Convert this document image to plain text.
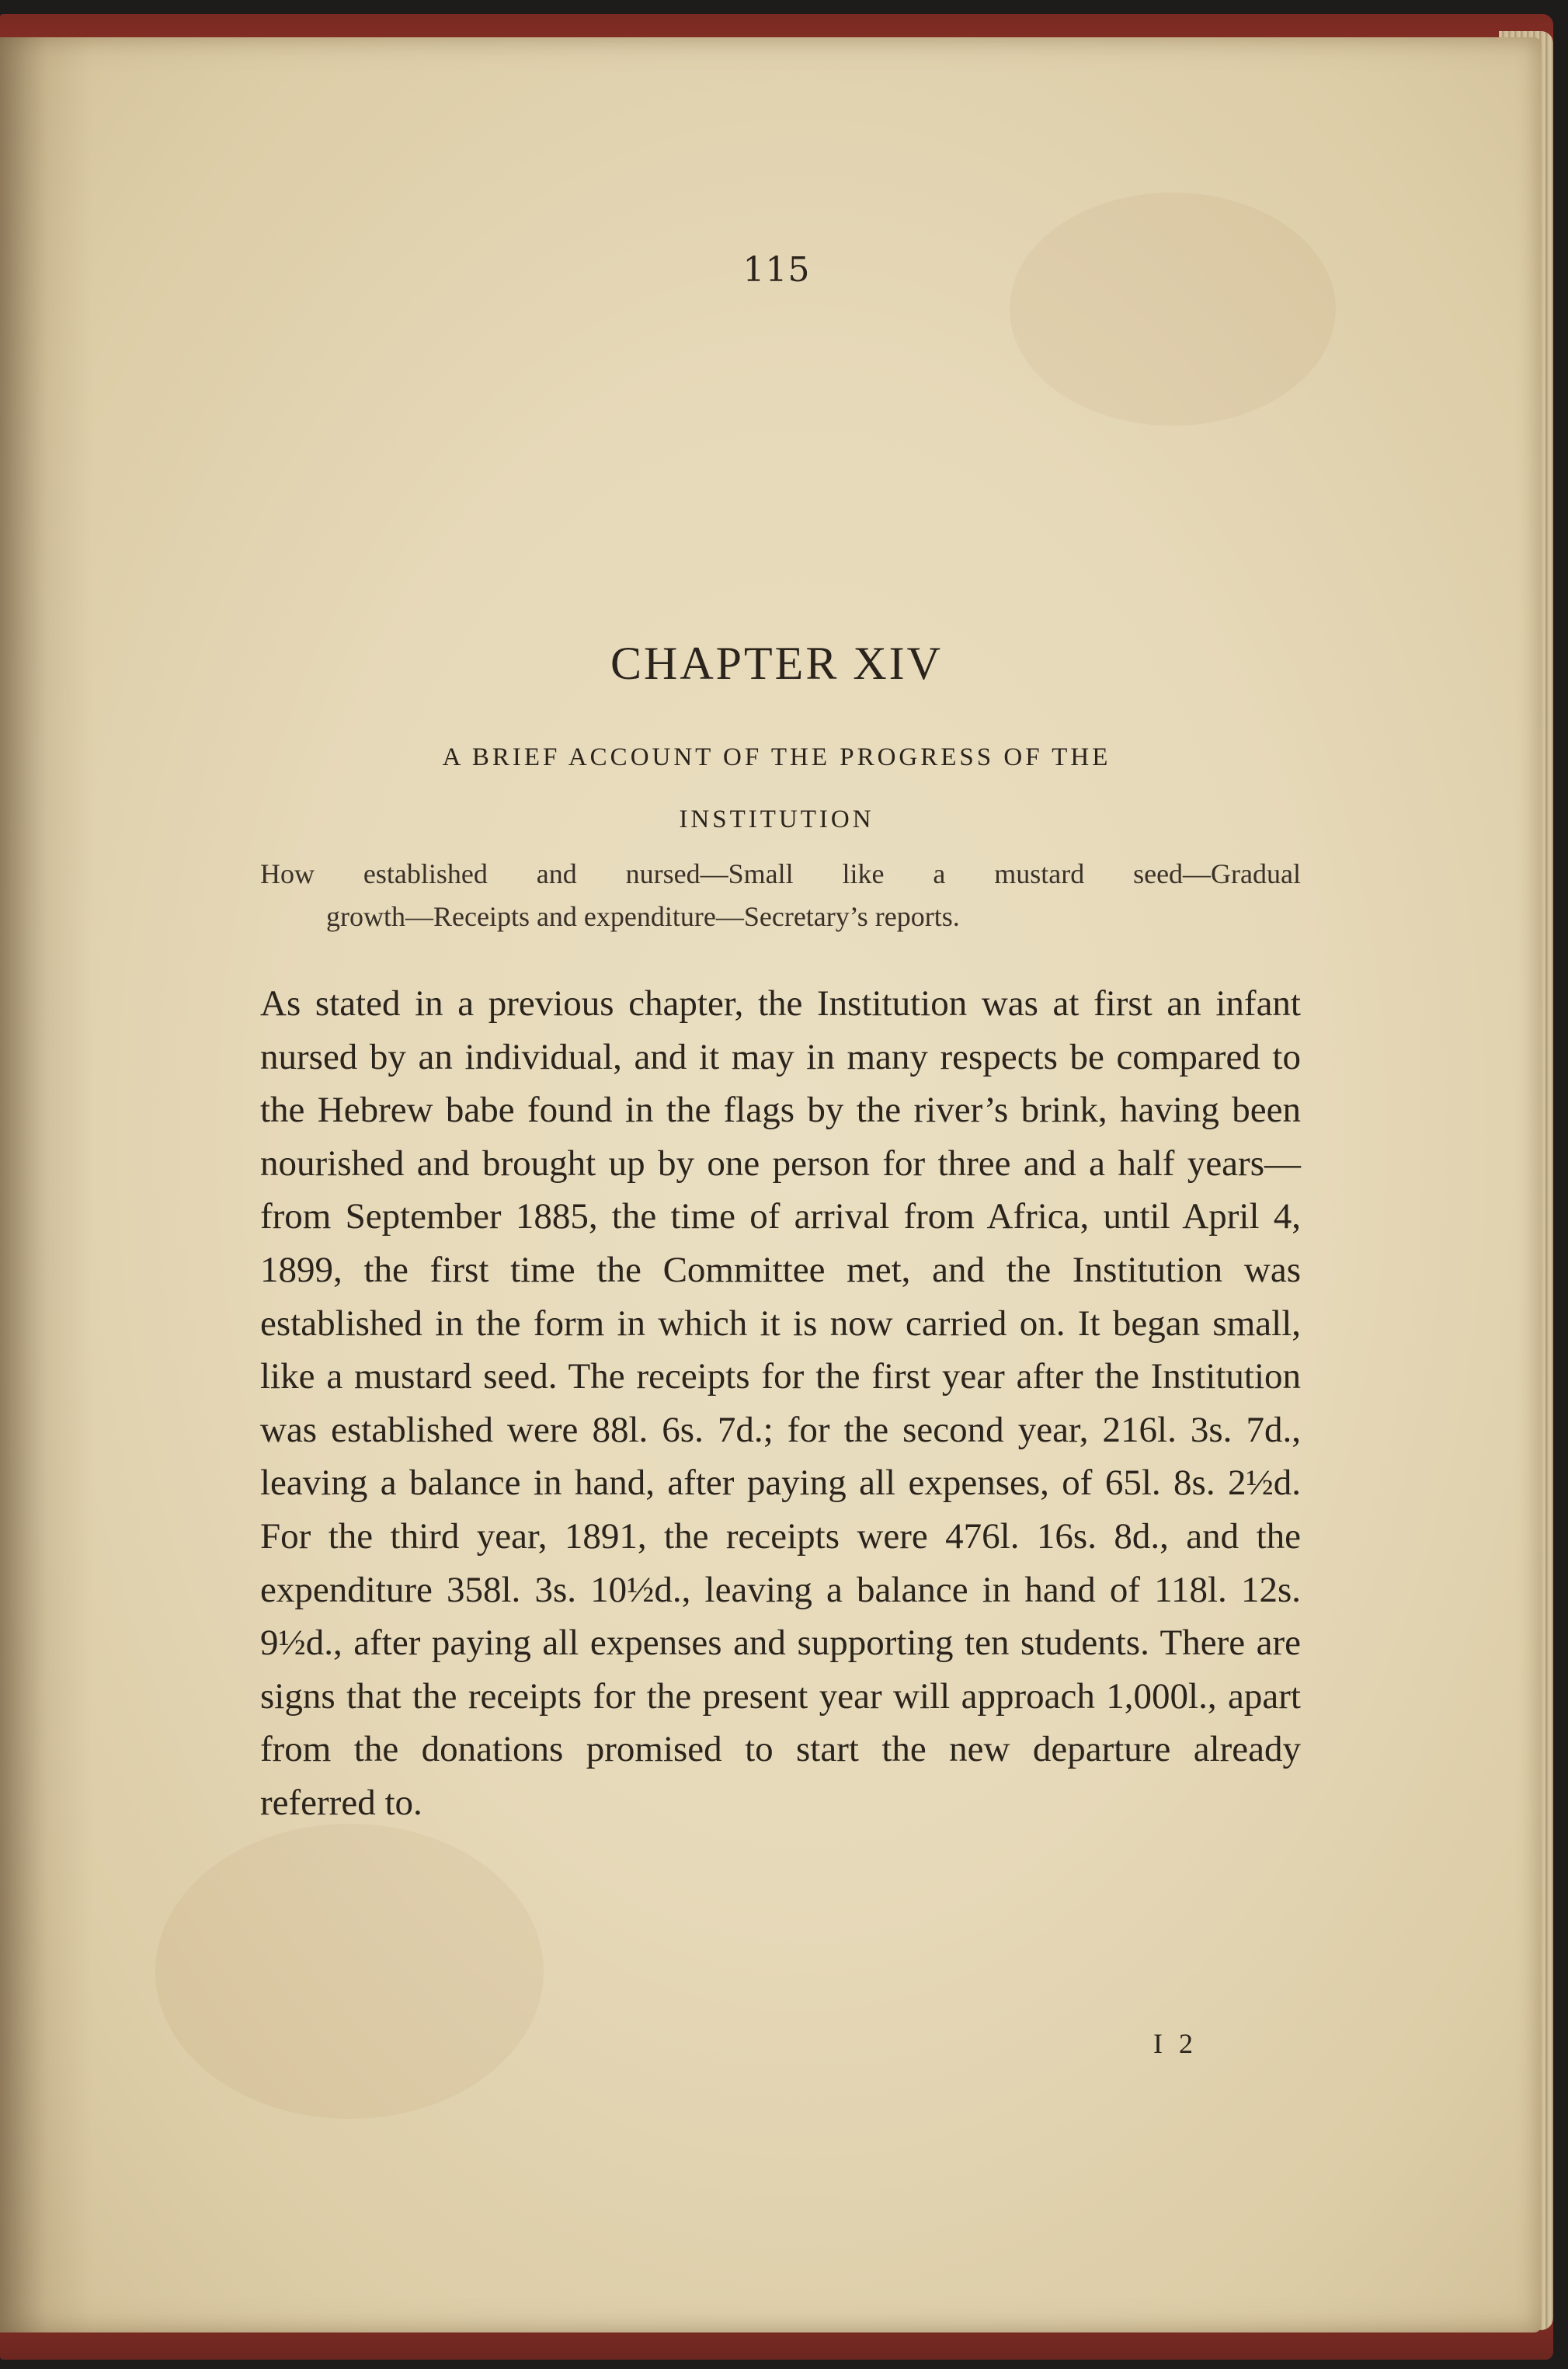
115
CHAPTER XIV
A BRIEF ACCOUNT OF THE PROGRESS OF THE
INSTITUTION
How established and nursed—Small like a mustard seed—Gradual
growth—Receipts and expenditure—Secretary’s reports.

As stated in a previous chapter, the Institution was at first an infant nursed by an individual, and it may in many respects be compared to the Hebrew babe found in the flags by the river’s brink, having been nourished and brought up by one person for three and a half years—from September 1885, the time of arrival from Africa, until April 4, 1899, the first time the Committee met, and the Institution was established in the form in which it is now carried on. It began small, like a mustard seed. The receipts for the first year after the Institution was established were 88l. 6s. 7d.; for the second year, 216l. 3s. 7d., leaving a balance in hand, after paying all expenses, of 65l. 8s. 2½d. For the third year, 1891, the receipts were 476l. 16s. 8d., and the expenditure 358l. 3s. 10½d., leaving a balance in hand of 118l. 12s. 9½d., after paying all expenses and supporting ten students. There are signs that the receipts for the present year will approach 1,000l., apart from the donations promised to start the new departure already referred to.

I 2
